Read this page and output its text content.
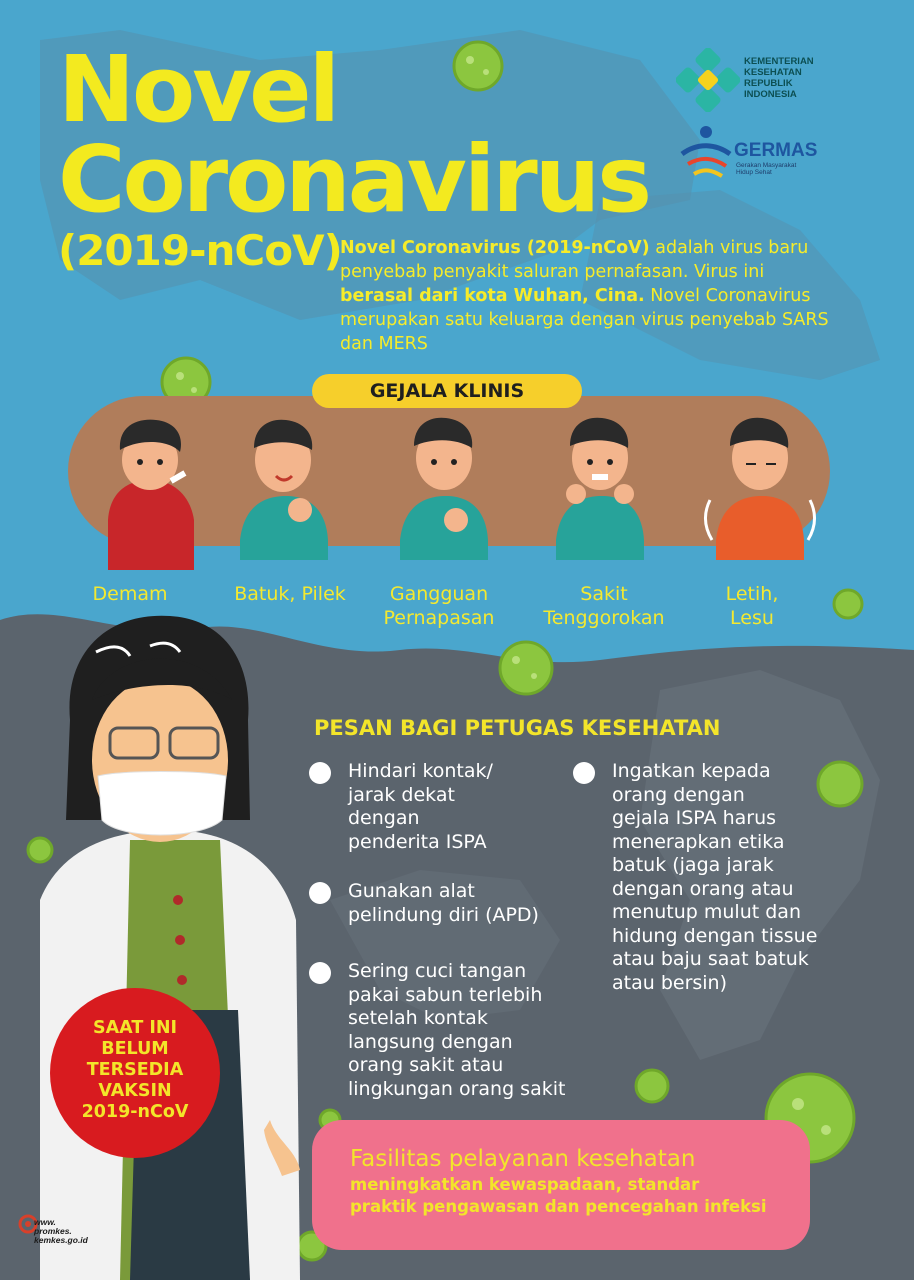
Novel
Coronavirus
(2019-nCoV)
KEMENTERIAN
KESEHATAN
REPUBLIK
INDONESIA
GERMAS
Gerakan Masyarakat
Hidup Sehat
Novel Coronavirus (2019-nCoV) adalah virus baru penyebab penyakit saluran pernafasan. Virus ini berasal dari kota Wuhan, Cina. Novel Coronavirus merupakan satu keluarga dengan virus penyebab SARS dan MERS
GEJALA KLINIS
Demam	Batuk, Pilek	Gangguan
Pernapasan
Sakit
Tenggorokan
Letih,
Lesu
PESAN BAGI PETUGAS KESEHATAN
Hindari kontak/
jarak dekat
dengan
penderita ISPA
Gunakan alat
pelindung diri (APD)
Sering cuci tangan
pakai sabun terlebih
setelah kontak
langsung dengan
orang sakit atau
lingkungan orang sakit
Ingatkan kepada
orang dengan
gejala ISPA harus
menerapkan etika
batuk (jaga jarak
dengan orang atau
menutup mulut dan
hidung dengan tissue
atau baju saat batuk
atau bersin)
SAAT INI
BELUM
TERSEDIA
VAKSIN
2019-nCoV
Fasilitas pelayanan kesehatan
meningkatkan kewaspadaan, standar
praktik pengawasan dan pencegahan infeksi
www.
promkes.
kemkes.go.id
